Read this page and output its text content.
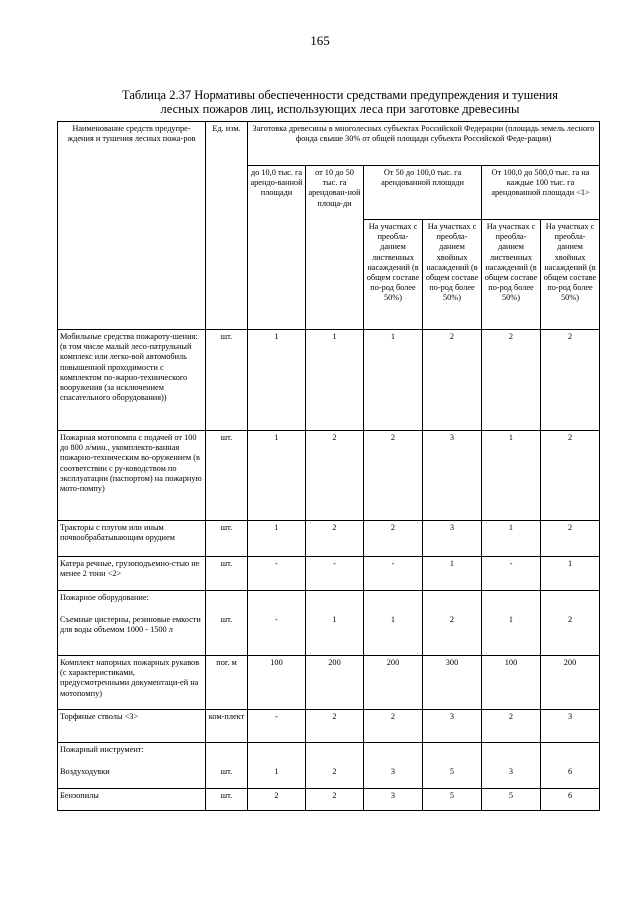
165
Таблица 2.37 Нормативы обеспеченности средствами предупреждения и тушения
лесных пожаров лиц, использующих леса при заготовке древесины
Наименование средств предупре-ждения и тушения лесных пожа-ров	Ед. изм.	Заготовка древесины в многолесных субъектах Российской Федерации (площадь земель лесного фонда свыше 30% от общей площади субъекта Российской Феде-рации)					
		до 10,0 тыс. га арендо-ванной площади	от 10 до 50 тыс. га арендован-ной площа-ди	От 50 до 100,0 тыс. га арендованной площади		От 100,0 до 500,0 тыс. га на каждые 100 тыс. га арендованной площади <1>	
				На участках с преобла-данием лиственных насаждений (в общем составе по-род более 50%)	На участках с преобла-данием хвойных насаждений (в общем составе по-род более 50%)	На участках с преобла-данием лиственных насаждений (в общем составе по-род более 50%)	На участках с преобла-данием хвойных насаждений (в общем составе по-род более 50%)
Мобильные средства пожароту-шения: (в том числе малый лесо-патрульный комплекс или легко-вой автомобиль повышенной проходимости с комплектом по-жарно-технического вооружения (за исключением спасательного оборудования))	шт.	1	1	1	2	2	2
Пожарная мотопомпа с подачей от 100 до 800 л/мин., укомплекто-ванная пожарно-техническим во-оружением (в соответствии с ру-ководством по эксплуатации (паспортом) на пожарную мото-помпу)	шт.	1	2	2	3	1	2
Тракторы с плугом или иным почвообрабатывающим орудием	шт.	1	2	2	3	1	2
Катера речные, грузоподъемно-стью не менее 2 тонн <2>	шт.	-	-	-	1	-	1

Пожарное оборудование:
Съемные цистерны, резиновые емкости для воды объемом 1000 - 1500 л	шт.	-	1	1	2	1	2

Комплект напорных пожарных рукавов (с характеристиками, предусмотренными документаци-ей на мотопомпу)	пог. м	100	200	200	300	100	200
Торфяные стволы <3>	ком-плект	-	2	2	3	2	3

Пожарный инструмент:
Воздуходувки	шт.	1	2	3	5	3	6

Бензопилы	шт.	2	2	3	5	5	6
